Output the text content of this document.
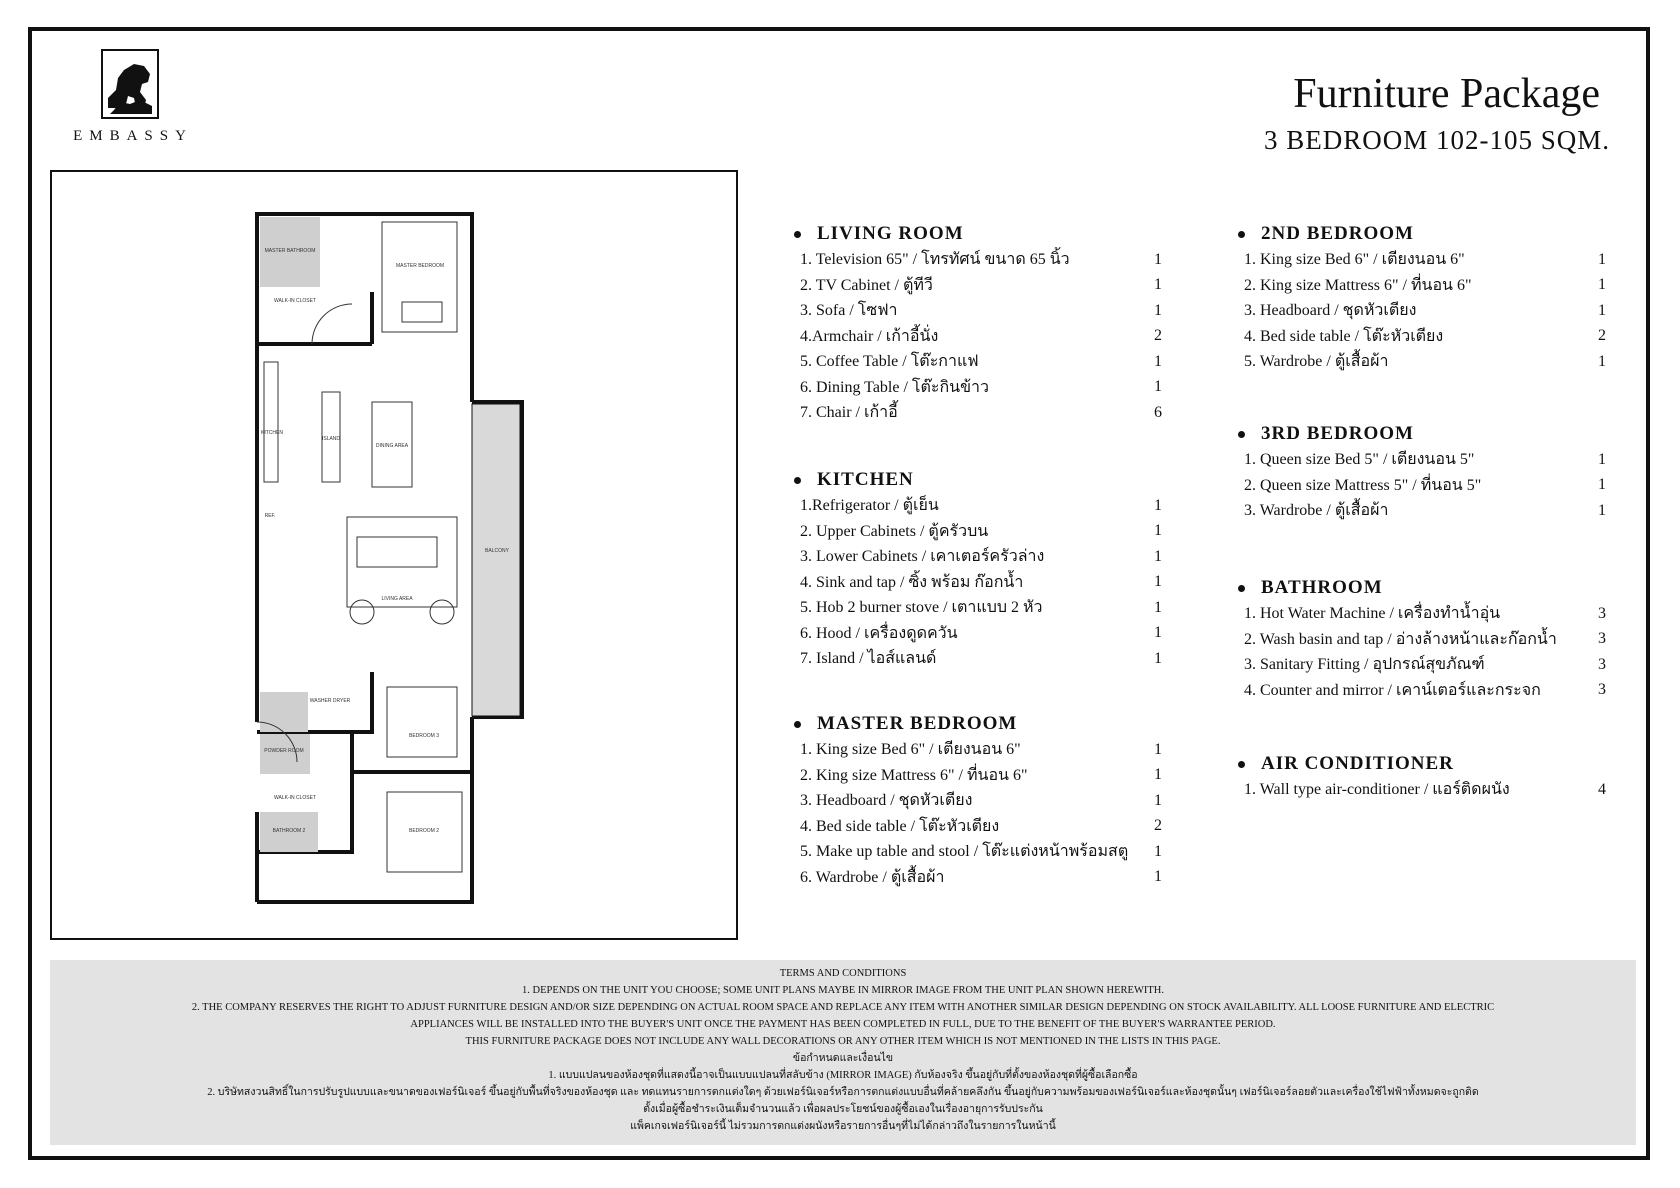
EMBASSY
Furniture Package
3 BEDROOM 102-105 SQM.
MASTER BATHROOM
MASTER BEDROOM
WALK-IN CLOSET
KITCHEN
ISLAND
DINING AREA
REF.
BALCONY
LIVING AREA
WASHER DRYER
POWDER ROOM
BEDROOM 3
WALK-IN CLOSET
BATHROOM 2	BEDROOM 2
LIVING ROOM
1. Television 65" / โทรทัศน์ ขนาด 65 นิ้ว	1
2. TV Cabinet / ตู้ทีวี	1
3. Sofa / โซฟา	1
4.Armchair / เก้าอี้นั่ง	2
5. Coffee Table / โต๊ะกาแฟ	1
6. Dining Table / โต๊ะกินข้าว	1
7. Chair / เก้าอี้	6
KITCHEN
1.Refrigerator / ตู้เย็น	1
2. Upper Cabinets / ตู้ครัวบน	1
3. Lower Cabinets / เคาเตอร์ครัวล่าง	1
4. Sink and tap / ซิ้ง พร้อม ก๊อกน้ำ	1
5. Hob 2 burner stove / เตาแบบ 2 หัว	1
6. Hood / เครื่องดูดควัน	1
7. Island / ไอส์แลนด์	1
MASTER BEDROOM
1. King size Bed 6" / เตียงนอน 6"	1
2. King size Mattress 6" / ที่นอน 6"	1
3. Headboard / ชุดหัวเตียง	1
4. Bed side table / โต๊ะหัวเตียง	2
5. Make up table and stool / โต๊ะแต่งหน้าพร้อมสตู	1
6. Wardrobe / ตู้เสื้อผ้า	1
2ND BEDROOM
1. King size Bed 6" / เตียงนอน 6"	1
2. King size Mattress 6" / ที่นอน 6"	1
3. Headboard / ชุดหัวเตียง	1
4. Bed side table / โต๊ะหัวเตียง	2
5. Wardrobe / ตู้เสื้อผ้า	1
3RD BEDROOM
1. Queen size Bed 5" / เตียงนอน 5"	1
2. Queen size Mattress 5" / ที่นอน 5"	1
3. Wardrobe / ตู้เสื้อผ้า	1
BATHROOM
1. Hot Water Machine / เครื่องทำน้ำอุ่น	3
2. Wash basin and tap / อ่างล้างหน้าและก๊อกน้ำ	3
3. Sanitary Fitting / อุปกรณ์สุขภัณฑ์	3
4. Counter and mirror / เคาน์เตอร์และกระจก	3
AIR CONDITIONER
1. Wall type air-conditioner / แอร์ติดผนัง	4
TERMS AND CONDITIONS
1. DEPENDS ON THE UNIT YOU CHOOSE; SOME UNIT PLANS MAYBE IN MIRROR IMAGE FROM THE UNIT PLAN SHOWN HEREWITH.
2. THE COMPANY RESERVES THE RIGHT TO ADJUST FURNITURE DESIGN AND/OR SIZE DEPENDING ON ACTUAL ROOM SPACE AND REPLACE ANY ITEM WITH ANOTHER SIMILAR DESIGN DEPENDING ON STOCK AVAILABILITY. ALL LOOSE FURNITURE AND ELECTRIC
APPLIANCES WILL BE INSTALLED INTO THE BUYER'S UNIT ONCE THE PAYMENT HAS BEEN COMPLETED IN FULL, DUE TO THE BENEFIT OF THE BUYER'S WARRANTEE PERIOD.
THIS FURNITURE PACKAGE DOES NOT INCLUDE ANY WALL DECORATIONS OR ANY OTHER ITEM WHICH IS NOT MENTIONED IN THE LISTS IN THIS PAGE.
ข้อกำหนดและเงื่อนไข
1. แบบแปลนของห้องชุดที่แสดงนี้อาจเป็นแบบแปลนที่สลับข้าง (MIRROR IMAGE) กับห้องจริง ขึ้นอยู่กับที่ตั้งของห้องชุดที่ผู้ซื้อเลือกซื้อ
2. บริษัทสงวนสิทธิ์ในการปรับรูปแบบและขนาดของเฟอร์นิเจอร์ ขึ้นอยู่กับพื้นที่จริงของห้องชุด และ ทดแทนรายการตกแต่งใดๆ ด้วยเฟอร์นิเจอร์หรือการตกแต่งแบบอื่นที่คล้ายคลึงกัน ขึ้นอยู่กับความพร้อมของเฟอร์นิเจอร์และห้องชุดนั้นๆ เฟอร์นิเจอร์ลอยตัวและเครื่องใช้ไฟฟ้าทั้งหมดจะถูกติด
ตั้งเมื่อผู้ซื้อชำระเงินเต็มจำนวนแล้ว เพื่อผลประโยชน์ของผู้ซื้อเองในเรื่องอายุการรับประกัน
แพ็คเกจเฟอร์นิเจอร์นี้ ไม่รวมการตกแต่งผนังหรือรายการอื่นๆที่ไม่ได้กล่าวถึงในรายการในหน้านี้
